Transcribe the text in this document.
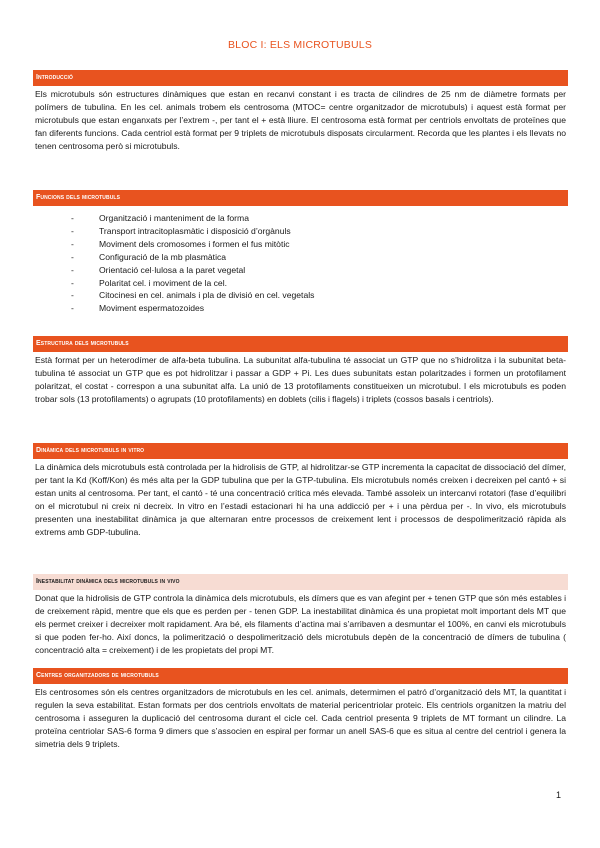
BLOC I: ELS MICROTUBULS
Introducció
Els microtubuls són estructures dinàmiques que estan en recanvi constant i es tracta de cilindres de 25 nm de diàmetre formats per polímers de tubulina. En les cel. animals trobem els centrosoma (MTOC= centre organitzador de microtubuls) i aquest està format per microtubuls que estan enganxats per l’extrem -, per tant el + està lliure. El centrosoma està format per centriols envoltats de proteïnes que fan diferents funcions. Cada centriol està format per 9 triplets de microtubuls disposats circularment. Recorda que les plantes i els llevats no tenen centrosoma però si microtubuls.
Funcions dels microtubuls
-	Organització i manteniment de la forma
-	Transport intracitoplasmàtic i disposició d’orgànuls
-	Moviment dels cromosomes i formen el fus mitòtic
-	Configuració de la mb plasmàtica
-	Orientació cel·lulosa a la paret vegetal
-	Polaritat cel. i moviment de la cel.
-	Citocinesi en cel. animals i pla de divisió en cel. vegetals
-	Moviment espermatozoides
Estructura dels microtubuls
Està format per un heterodímer de alfa-beta tubulina. La subunitat alfa-tubulina té associat un GTP que no s’hidrolitza i la subunitat beta-tubulina té associat un GTP que es pot hidrolitzar i passar a GDP + Pi. Les dues subunitats estan polaritzades i formen un protofilament polaritzat, el costat - correspon a una subunitat alfa. La unió de 13 protofilaments constitueixen un microtubul. I els microtubuls es poden trobar sols (13 protofilaments) o agrupats (10 protofilaments) en doblets (cilis i flagels) i triplets (cossos basals i centriols).
Dinàmica dels microtubuls in vitro
La dinàmica dels microtubuls està controlada per la hidrolisis de GTP, al hidrolitzar-se GTP incrementa la capacitat de dissociació del dímer, per tant la Kd (Koff/Kon) és més alta per la GDP tubulina que per la GTP-tubulina. Els microtubuls només creixen i decreixen pel cantó + si estan units al centrosoma. Per tant, el cantó - té una concentració crítica més elevada. També assoleix un intercanvi rotatori (fase d’equilibri on el microtubul ni creix ni decreix. In vitro en l’estadi estacionari hi ha una addicció per + i una pèrdua per -. In vivo, els microtubuls presenten una inestabilitat dinàmica ja que alternaran entre processos de creixement lent i processos de despolimerització ràpida als extrems amb GDP-tubulina.
Inestabilitat dinàmica dels microtubuls in vivo
Donat que la hidrolisis de GTP controla la dinàmica dels microtubuls, els dímers que es van afegint per + tenen GTP que són més estables i de creixement ràpid, mentre que els que es perden per - tenen GDP. La inestabilitat dinàmica és una propietat molt important dels MT que els permet creixer i decreixer molt rapidament. Ara bé, els filaments d’actina mai s’arribaven a desmuntar el 100%, en canvi els microtubuls si que poden fer-ho. Així doncs, la polimerització o despolimerització dels microtubuls depèn de la concentració de dímers de tubulina ( concentració alta = creixement) i de les propietats del propi MT.
Centres organitzadors de microtubuls
Els centrosomes són els centres organitzadors de microtubuls en les cel. animals, determimen el patró d’organització dels MT, la quantitat i regulen la seva estabilitat. Estan formats per dos centriols envoltats de material pericentriolar proteic. Els centriols organitzen la matriu del centrosoma i asseguren la duplicació del centrosoma durant el cicle cel. Cada centriol presenta 9 triplets de MT formant un cilindre. La proteïna centriolar SAS-6 forma 9 dimers que s’associen en espiral per formar un anell SAS-6 que es situa al centre del centriol i genera la simetria dels 9 triplets.
1
